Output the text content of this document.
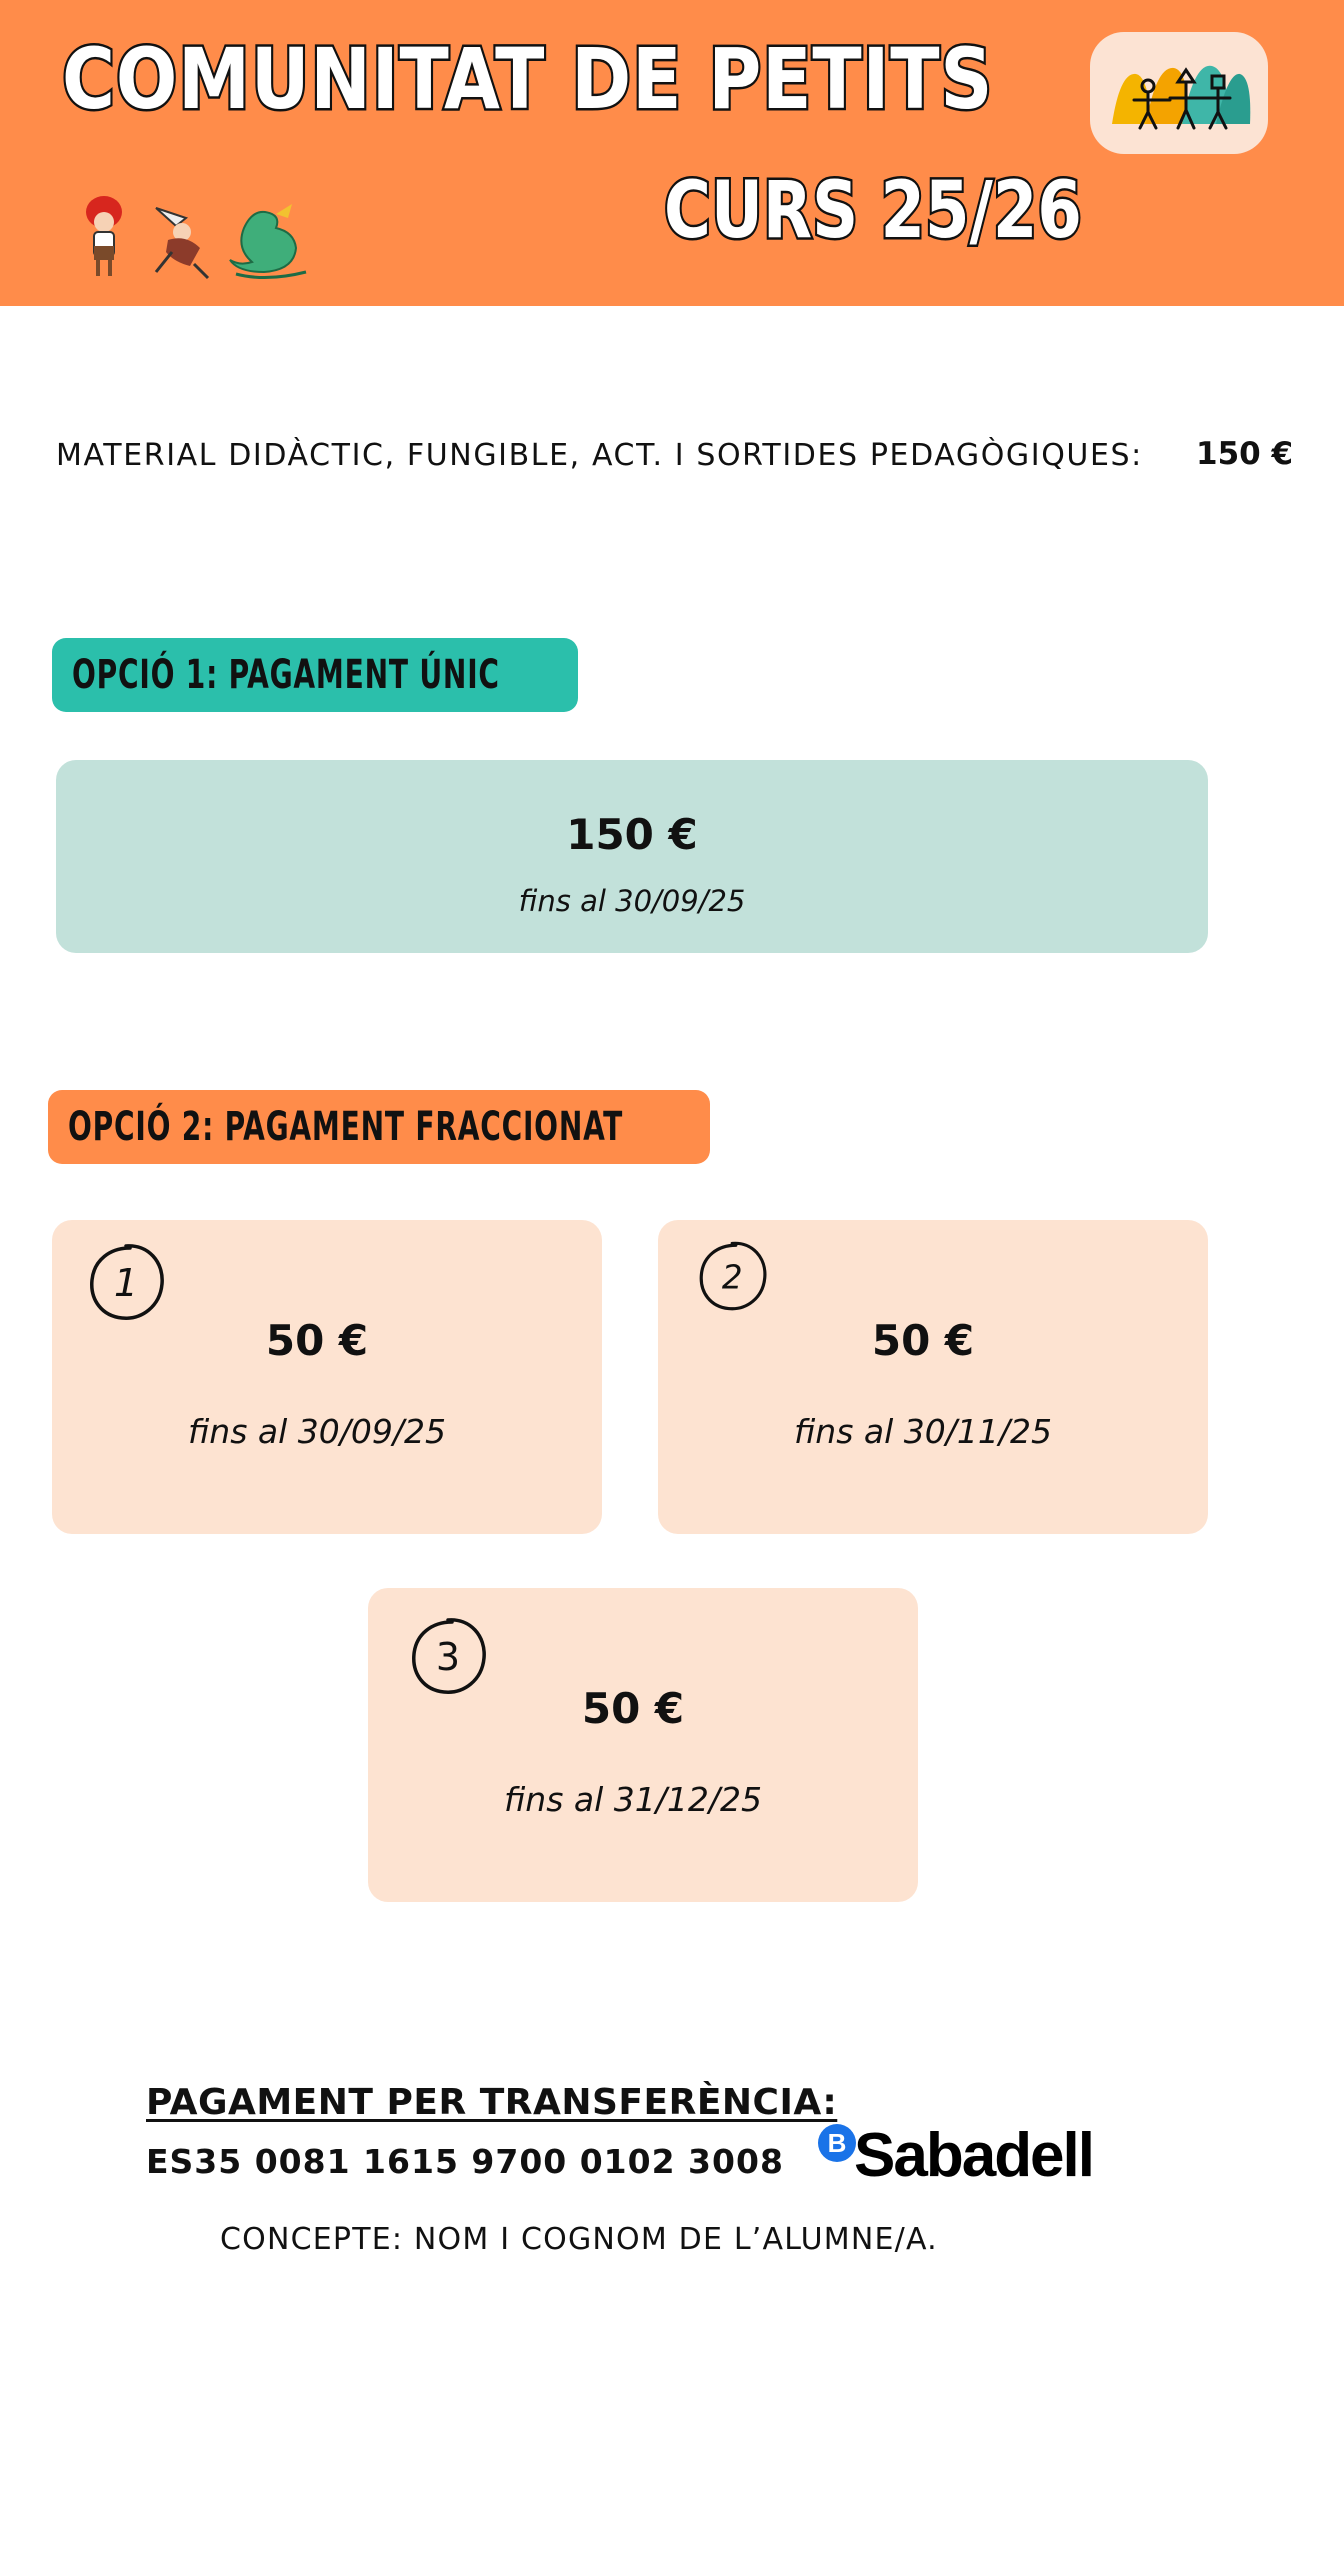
COMUNITAT DE PETITS
CURS 25/26
MATERIAL DIDÀCTIC, FUNGIBLE, ACT. I SORTIDES PEDAGÒGIQUES: 150 €
OPCIÓ 1: PAGAMENT ÚNIC
150 €
fins al 30/09/25
OPCIÓ 2: PAGAMENT FRACCIONAT
1
50 €
fins al 30/09/25
2
50 €
fins al 30/11/25
3
50 €
fins al 31/12/25
PAGAMENT PER TRANSFERÈNCIA:
ES35 0081 1615 9700 0102 3008
CONCEPTE: NOM I COGNOM DE L’ALUMNE/A.
B Sabadell
